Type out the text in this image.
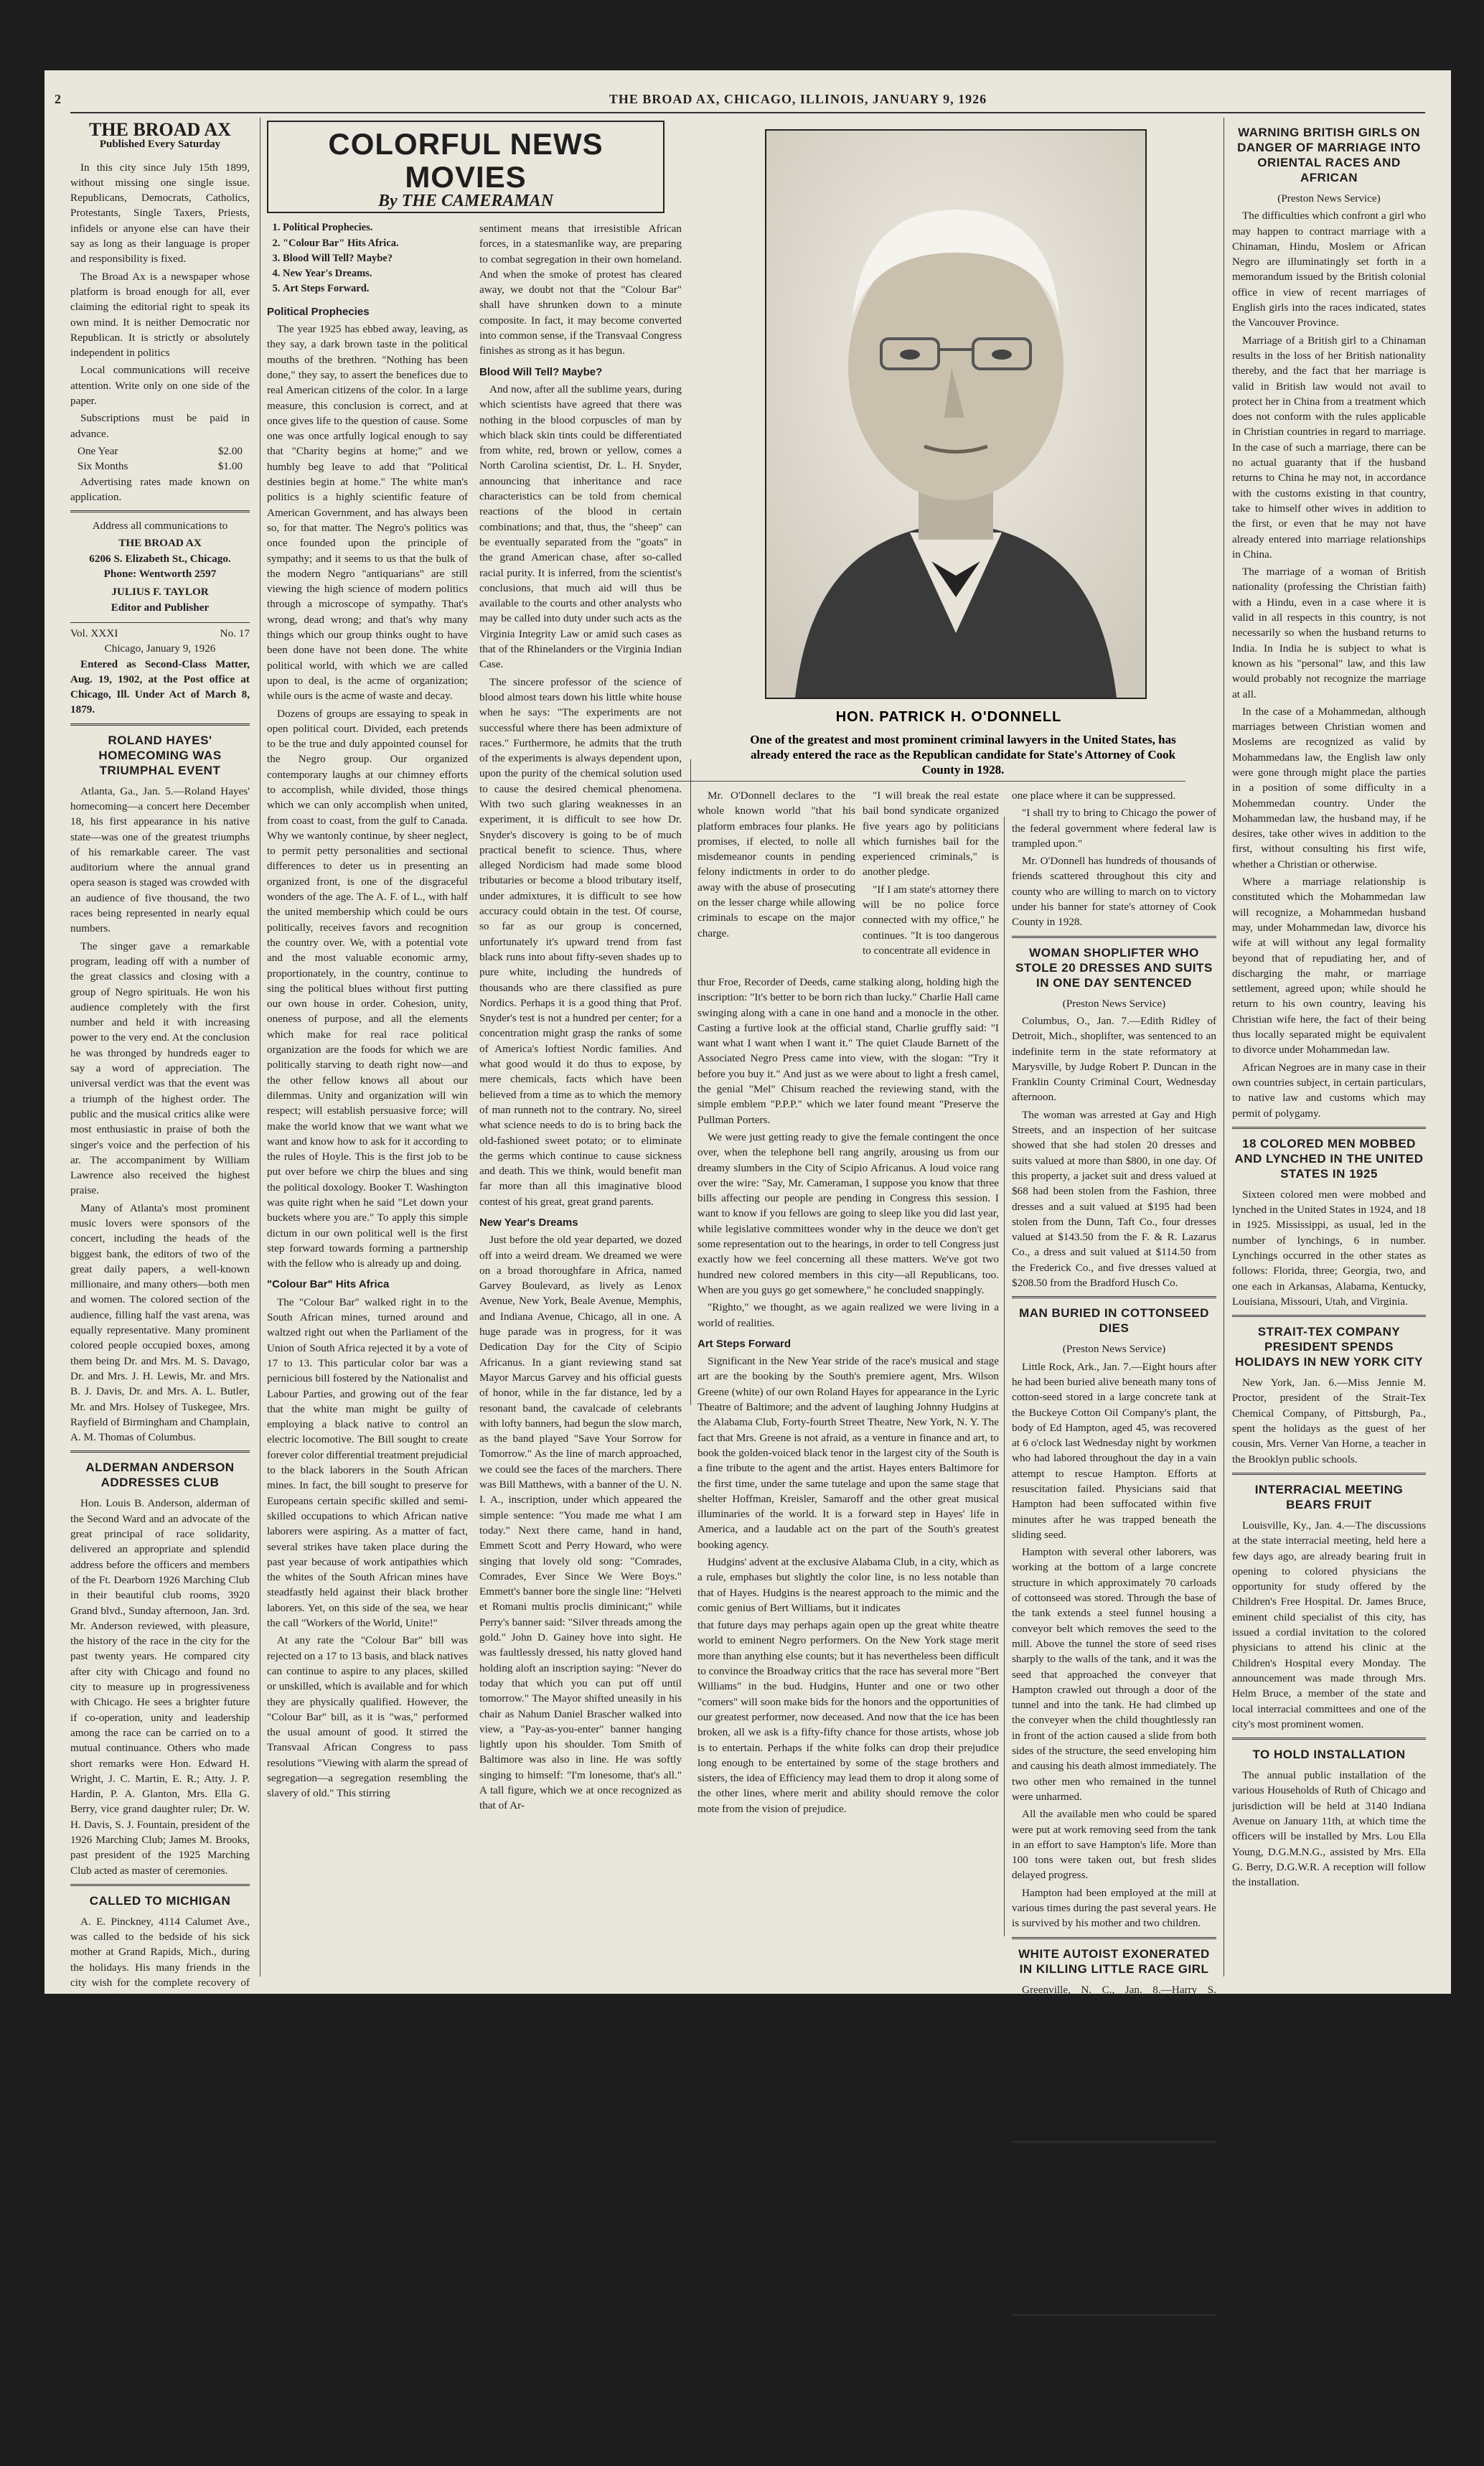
2	THE BROAD AX, CHICAGO, ILLINOIS, JANUARY 9, 1926
THE BROAD AX
Published Every Saturday

In this city since July 15th 1899, without missing one single issue. Republicans, Democrats, Catholics, Protestants, Single Taxers, Priests, infidels or anyone else can have their say as long as their language is proper and responsibility is fixed.

The Broad Ax is a newspaper whose platform is broad enough for all, ever claiming the editorial right to speak its own mind. It is neither Democratic nor Republican. It is strictly or absolutely independent in politics

Local communications will receive attention. Write only on one side of the paper.

Subscriptions must be paid in advance.

One Year	$2.00
Six Months	$1.00

Advertising rates made known on application.

Address all communications to

THE BROAD AX
6206 S. Elizabeth St., Chicago.
Phone: Wentworth 2597
JULIUS F. TAYLOR
Editor and Publisher
Vol. XXXI	No. 17
Chicago, January 9, 1926

Entered as Second-Class Matter, Aug. 19, 1902, at the Post office at Chicago, Ill. Under Act of March 8, 1879.

ROLAND HAYES' HOMECOMING WAS TRIUMPHAL EVENT

Atlanta, Ga., Jan. 5.—Roland Hayes' homecoming—a concert here December 18, his first appearance in his native state—was one of the greatest triumphs of his remarkable career. The vast auditorium where the annual grand opera season is staged was crowded with an audience of five thousand, the two races being represented in nearly equal numbers.

The singer gave a remarkable program, leading off with a number of the great classics and closing with a group of Negro spirituals. He won his audience completely with the first number and held it with increasing power to the very end. At the conclusion he was thronged by hundreds eager to say a word of appreciation. The universal verdict was that the event was a triumph of the highest order. The public and the musical critics alike were most enthusiastic in praise of both the singer's voice and the perfection of his ar. The accompaniment by William Lawrence also received the highest praise.

Many of Atlanta's most prominent music lovers were sponsors of the concert, including the heads of the biggest bank, the editors of two of the great daily papers, a well-known millionaire, and many others—both men and women. The colored section of the audience, filling half the vast arena, was equally representative. Many prominent colored people occupied boxes, among them being Dr. and Mrs. M. S. Davago, Dr. and Mrs. J. H. Lewis, Mr. and Mrs. B. J. Davis, Dr. and Mrs. A. L. Butler, Mr. and Mrs. Holsey of Tuskegee, Mrs. Rayfield of Birmingham and Champlain, A. M. Thomas of Columbus.

ALDERMAN ANDERSON ADDRESSES CLUB

Hon. Louis B. Anderson, alderman of the Second Ward and an advocate of the great principal of race solidarity, delivered an appropriate and splendid address before the officers and members of the Ft. Dearborn 1926 Marching Club in their beautiful club rooms, 3920 Grand blvd., Sunday afternoon, Jan. 3rd. Mr. Anderson reviewed, with pleasure, the history of the race in the city for the past twenty years. He compared city after city with Chicago and found no city to measure up in progressiveness with Chicago. He sees a brighter future if co-operation, unity and leadership among the race can be carried on to a mutual continuance. Others who made short remarks were Hon. Edward H. Wright, J. C. Martin, E. R.; Atty. J. P. Hardin, P. A. Glanton, Mrs. Ella G. Berry, vice grand daughter ruler; Dr. W. H. Davis, S. J. Fountain, president of the 1926 Marching Club; James M. Brooks, past president of the 1925 Marching Club acted as master of ceremonies.

CALLED TO MICHIGAN

A. E. Pinckney, 4114 Calumet Ave., was called to the bedside of his sick mother at Grand Rapids, Mich., during the holidays. His many friends in the city wish for the complete recovery of Mr. Pinckney's mother.

COLORFUL NEWS MOVIES
By THE CAMERAMAN
1. Political Prophecies.
2. "Colour Bar" Hits Africa.
3. Blood Will Tell? Maybe?
4. New Year's Dreams.
5. Art Steps Forward.
Political Prophecies

The year 1925 has ebbed away, leaving, as they say, a dark brown taste in the political mouths of the brethren. "Nothing has been done," they say, to assert the benefices due to real American citizens of the color. In a large measure, this conclusion is correct, and at once gives life to the question of cause. Some one was once artfully logical enough to say that "Charity begins at home;" and we humbly beg leave to add that "Political destinies begin at home." The white man's politics is a highly scientific feature of American Government, and has always been so, for that matter. The Negro's politics was once founded upon the principle of sympathy; and it seems to us that the bulk of the modern Negro "antiquarians" are still viewing the high science of modern politics through a microscope of sympathy. That's wrong, dead wrong; and that's why many things which our group thinks ought to have been done have not been done. The white political world, with which we are called upon to deal, is the acme of organization; while ours is the acme of waste and decay.

Dozens of groups are essaying to speak in open political court. Divided, each pretends to be the true and duly appointed counsel for the Negro group. Our organized contemporary laughs at our chimney efforts to accomplish, while divided, those things which we can only accomplish when united, from coast to coast, from the gulf to Canada. Why we wantonly continue, by sheer neglect, to permit petty personalities and sectional differences to deter us in presenting an organized front, is one of the disgraceful wonders of the age. The A. F. of L., with half the united membership which could be ours politically, receives favors and recognition the country over. We, with a potential vote and the most valuable economic army, proportionately, in the country, continue to sing the political blues without first putting our own house in order. Cohesion, unity, oneness of purpose, and all the elements which make for real race political organization are the foods for which we are politically starving to death right now—and the other fellow knows all about our dilemmas. Unity and organization will win respect; will establish persuasive force; will make the world know that we want what we want and know how to ask for it according to the rules of Hoyle. This is the first job to be put over before we chirp the blues and sing the political doxology. Booker T. Washington was quite right when he said "Let down your buckets where you are." To apply this simple dictum in our own political well is the first step forward towards forming a partnership with the fellow who is already up and doing.

"Colour Bar" Hits Africa

The "Colour Bar" walked right in to the South African mines, turned around and waltzed right out when the Parliament of the Union of South Africa rejected it by a vote of 17 to 13. This particular color bar was a pernicious bill fostered by the Nationalist and Labour Parties, and growing out of the fear that the white man might be guilty of employing a black native to control an electric locomotive. The Bill sought to create forever color differential treatment prejudicial to the black laborers in the South African mines. In fact, the bill sought to preserve for Europeans certain specific skilled and semi-skilled occupations to which African native laborers were aspiring. As a matter of fact, several strikes have taken place during the past year because of work antipathies which the whites of the South African mines have steadfastly held against their black brother laborers. Yet, on this side of the sea, we hear the call "Workers of the World, Unite!"

At any rate the "Colour Bar" bill was rejected on a 17 to 13 basis, and black natives can continue to aspire to any places, skilled or unskilled, which is available and for which they are physically qualified. However, the "Colour Bar" bill, as it is "was," performed the usual amount of good. It stirred the Transvaal African Congress to pass resolutions "Viewing with alarm the spread of segregation—a segregation resembling the slavery of old." This stirring

sentiment means that irresistible African forces, in a statesmanlike way, are preparing to combat segregation in their own homeland. And when the smoke of protest has cleared away, we doubt not that the "Colour Bar" shall have shrunken down to a minute composite. In fact, it may become converted into common sense, if the Transvaal Congress finishes as strong as it has begun.

Blood Will Tell? Maybe?

And now, after all the sublime years, during which scientists have agreed that there was nothing in the blood corpuscles of man by which black skin tints could be differentiated from white, red, brown or yellow, comes a North Carolina scientist, Dr. L. H. Snyder, announcing that inheritance and race characteristics can be told from chemical reactions of the blood in certain combinations; and that, thus, the "sheep" can be eventually separated from the "goats" in the grand American chase, after so-called racial purity. It is inferred, from the scientist's conclusions, that much aid will thus be available to the courts and other analysts who may be called into duty under such acts as the Virginia Integrity Law or amid such cases as that of the Rhinelanders or the Virginia Indian Case.

The sincere professor of the science of blood almost tears down his little white house when he says: "The experiments are not successful where there has been admixture of races." Furthermore, he admits that the truth of the experiments is always dependent upon, upon the purity of the chemical solution used to cause the desired chemical phenomena. With two such glaring weaknesses in an experiment, it is difficult to see how Dr. Snyder's discovery is going to be of much practical benefit to science. Thus, where alleged Nordicism had made some blood tributaries or become a blood tributary itself, under admixtures, it is difficult to see how accuracy could obtain in the test. Of course, so far as our group is concerned, unfortunately it's upward trend from fast black runs into about fifty-seven shades up to pure white, including the hundreds of thousands who are there classified as pure Nordics. Perhaps it is a good thing that Prof. Snyder's test is not a hundred per center; for a concentration might grasp the ranks of some of America's loftiest Nordic families. And what good would it do thus to expose, by mere chemicals, facts which have been believed from a time as to which the memory of man runneth not to the contrary. No, sireel what science needs to do is to bring back the old-fashioned sweet potato; or to eliminate the germs which continue to cause sickness and death. This we think, would benefit man far more than all this imaginative blood contest of his great, great grand parents.

New Year's Dreams

Just before the old year departed, we dozed off into a weird dream. We dreamed we were on a broad thoroughfare in Africa, named Garvey Boulevard, as lively as Lenox Avenue, New York, Beale Avenue, Memphis, and Indiana Avenue, Chicago, all in one. A huge parade was in progress, for it was Dedication Day for the City of Scipio Africanus. In a giant reviewing stand sat Mayor Marcus Garvey and his official guests of honor, while in the far distance, led by a resonant band, the cavalcade of celebrants with lofty banners, had begun the slow march, as the band played "Save Your Sorrow for Tomorrow." As the line of march approached, we could see the faces of the marchers. There was Bill Matthews, with a banner of the U. N. I. A., inscription, under which appeared the simple sentence: "You made me what I am today." Next there came, hand in hand, Emmett Scott and Perry Howard, who were singing that lovely old song: "Comrades, Comrades, Ever Since We Were Boys." Emmett's banner bore the single line: "Helveti et Romani multis proclis diminicant;" while Perry's banner said: "Silver threads among the gold." John D. Gainey hove into sight. He was faultlessly dressed, his natty gloved hand holding aloft an inscription saying: "Never do today that which you can put off until tomorrow." The Mayor shifted uneasily in his chair as Nahum Daniel Brascher walked into view, a "Pay-as-you-enter" banner hanging lightly upon his shoulder. Tom Smith of Baltimore was also in line. He was softly singing to himself: "I'm lonesome, that's all." A tall figure, which we at once recognized as that of Ar-

HON. PATRICK H. O'DONNELL
One of the greatest and most prominent criminal lawyers in the United States, has already entered the race as the Republican candidate for State's Attorney of Cook County in 1928.

Mr. O'Donnell declares to the whole known world "that his platform embraces four planks. He promises, if elected, to nolle all misdemeanor counts in pending felony indictments in order to do away with the abuse of prosecuting on the lesser charge while allowing criminals to escape on the major charge.

"I will break the real estate bail bond syndicate organized five years ago by politicians which furnishes bail for the experienced criminals," is another pledge.

"If I am state's attorney there will be no police force connected with my office," he continues. "It is too dangerous to concentrate all evidence in

thur Froe, Recorder of Deeds, came stalking along, holding high the inscription: "It's better to be born rich than lucky." Charlie Hall came swinging along with a cane in one hand and a monocle in the other. Casting a furtive look at the official stand, Charlie gruffly said: "I want what I want when I want it." The quiet Claude Barnett of the Associated Negro Press came into view, with the slogan: "Try it before you buy it." And just as we were about to light a fresh camel, the genial "Mel" Chisum reached the reviewing stand, with the simple emblem "P.P.P." which we later found meant "Preserve the Pullman Porters.

We were just getting ready to give the female contingent the once over, when the telephone bell rang angrily, arousing us from our dreamy slumbers in the City of Scipio Africanus. A loud voice rang over the wire: "Say, Mr. Cameraman, I suppose you know that three bills affecting our people are pending in Congress this session. I want to know if you fellows are going to sleep like you did last year, while legislative committees wonder why in the deuce we don't get some representation out to the hearings, in order to tell Congress just exactly how we feel concerning all these matters. We've got two hundred new colored members in this city—all Republicans, too. When are you guys go get somewhere," he concluded snappingly.

"Righto," we thought, as we again realized we were living in a world of realities.

Art Steps Forward

Significant in the New Year stride of the race's musical and stage art are the booking by the South's premiere agent, Mrs. Wilson Greene (white) of our own Roland Hayes for appearance in the Lyric Theatre of Baltimore; and the advent of laughing Johnny Hudgins at the Alabama Club, Forty-fourth Street Theatre, New York, N. Y. The fact that Mrs. Greene is not afraid, as a venture in finance and art, to book the golden-voiced black tenor in the largest city of the South is a fine tribute to the agent and the artist. Hayes enters Baltimore for the first time, under the same tutelage and upon the same stage that shelter Hoffman, Kreisler, Samaroff and the other great musical illuminaries of the world. It is a forward step in Hayes' life in America, and a laudable act on the part of the South's greatest booking agency.

Hudgins' advent at the exclusive Alabama Club, in a city, which as a rule, emphases but slightly the color line, is no less notable than that of Hayes. Hudgins is the nearest approach to the mimic and the comic genius of Bert Williams, but it indicates

that future days may perhaps again open up the great white theatre world to eminent Negro performers. On the New York stage merit more than anything else counts; but it has nevertheless been difficult to convince the Broadway critics that the race has several more "Bert Williams" in the bud. Hudgins, Hunter and one or two other "comers" will soon make bids for the honors and the opportunities of our greatest performer, now deceased. And now that the ice has been broken, all we ask is a fifty-fifty chance for those artists, whose job is to entertain. Perhaps if the white folks can drop their prejudice long enough to be entertained by some of the stage brothers and sisters, the idea of Efficiency may lead them to drop it along some of the other lines, where merit and ability should remove the color mote from the vision of prejudice.

one place where it can be suppressed.

"I shall try to bring to Chicago the power of the federal government where federal law is trampled upon."

Mr. O'Donnell has hundreds of thousands of friends scattered throughout this city and county who are willing to march on to victory under his banner for state's attorney of Cook County in 1928.

WOMAN SHOPLIFTER WHO STOLE 20 DRESSES AND SUITS IN ONE DAY SENTENCED

(Preston News Service)

Columbus, O., Jan. 7.—Edith Ridley of Detroit, Mich., shoplifter, was sentenced to an indefinite term in the state reformatory at Marysville, by Judge Robert P. Duncan in the Franklin County Criminal Court, Wednesday afternoon.

The woman was arrested at Gay and High Streets, and an inspection of her suitcase showed that she had stolen 20 dresses and suits valued at more than $800, in one day. Of this property, a jacket suit and dress valued at $68 had been stolen from the Fashion, three dresses and a suit valued at $195 had been stolen from the Dunn, Taft Co., four dresses valued at $143.50 from the F. & R. Lazarus Co., a dress and suit valued at $114.50 from the Frederick Co., and five dresses valued at $208.50 from the Bradford Husch Co.

MAN BURIED IN COTTONSEED DIES

(Preston News Service)

Little Rock, Ark., Jan. 7.—Eight hours after he had been buried alive beneath many tons of cotton-seed stored in a large concrete tank at the Buckeye Cotton Oil Company's plant, the body of Ed Hampton, aged 45, was recovered at 6 o'clock last Wednesday night by workmen who had labored throughout the day in a vain attempt to rescue Hampton. Efforts at resuscitation failed. Physicians said that Hampton had been suffocated within five minutes after he was trapped beneath the sliding seed.

Hampton with several other laborers, was working at the bottom of a large concrete structure in which approximately 70 carloads of cottonseed was stored. Through the base of the tank extends a steel funnel housing a conveyor belt which removes the seed to the mill. Above the tunnel the store of seed rises sharply to the walls of the tank, and it was the seed that approached the conveyer that Hampton crawled out through a door of the tunnel and into the tank. He had climbed up the conveyer when the child thoughtlessly ran in front of the action caused a slide from both sides of the structure, the seed enveloping him and causing his death almost immediately. The two other men who remained in the tunnel were unharmed.

All the available men who could be spared were put at work removing seed from the tank in an effort to save Hampton's life. More than 100 tons were taken out, but fresh slides delayed progress.

Hampton had been employed at the mill at various times during the past several years. He is survived by his mother and two children.

WHITE AUTOIST EXONERATED IN KILLING LITTLE RACE GIRL

Greenville, N. C., Jan. 8.—Harry S. Wingate, a young wealthy white man, confessed Friday to the killing of little Fannie Mae Hicks, aged four, near Grimesland, and has been exonerated of all blame. It is said that the child thoughtlessly ran in front of his automobile which was traveling at a high rate of speed on the highway. The coroner's jury returned a verdict of accidental death, purely unavoidable.

HON. F. Q. MORTON DELIVERS EMANCIPATION ADDRESS

Pittsburgh, Pa., Jan. 7.—Hon. Ferdinand Q. Morton, of New York City, was the principal speaker at the Emancipation Celebration held in Rodman Street Baptist Church here Friday night. More than 3,000 persons attended the meeting and heard Mr. Morton deliver a ringing appeal for racial co-operation and political solidarity.

EXPERT STATISTICIAN VISITS BROTHER IN PITTSBURGH

Pittsburgh, Pa., Jan. 8.—Hon. Charles E. Hall, expert statistician for the U. S. Bureau of Census on matters pertaining to the Negro in the United States, spent Christmas here as the guest of his brother, Abram T. Hall, a clerk in the office of the Treasurer of the City of Pittsburgh.

WARNING BRITISH GIRLS ON DANGER OF MARRIAGE INTO ORIENTAL RACES AND AFRICAN

(Preston News Service)

The difficulties which confront a girl who may happen to contract marriage with a Chinaman, Hindu, Moslem or African Negro are illuminatingly set forth in a memorandum issued by the British colonial office in view of recent marriages of English girls into the races indicated, states the Vancouver Province.

Marriage of a British girl to a Chinaman results in the loss of her British nationality thereby, and the fact that her marriage is valid in British law would not avail to protect her in China from a treatment which does not conform with the rules applicable in Christian countries in regard to marriage. In the case of such a marriage, there can be no actual guaranty that if the husband returns to China he may not, in accordance with the customs existing in that country, take to himself other wives in addition to the first, or even that he may not have already entered into marriage relationships in China.

The marriage of a woman of British nationality (professing the Christian faith) with a Hindu, even in a case where it is valid in all respects in this country, is not necessarily so when the husband returns to India. In India he is subject to what is known as his "personal" law, and this law would probably not recognize the marriage at all.

In the case of a Mohammedan, although marriages between Christian women and Moslems are recognized as valid by Mohammedans law, the English law only were gone through might place the parties in a position of some difficulty in a Mohemmedan country. Under the Mohammedan law, the husband may, if he desires, take other wives in addition to the first, without consulting his first wife, whether a Christian or otherwise.

Where a marriage relationship is constituted which the Mohammedan law will recognize, a Mohammedan husband may, under Mohammedan law, divorce his wife at will without any legal formality beyond that of repudiating her, and of discharging the mahr, or marriage settlement, agreed upon; while should he return to his own country, leaving his Christian wife here, the fact of their being thus locally separated might be equivalent to divorce under Mohammedan law.

African Negroes are in many case in their own countries subject, in certain particulars, to native law and customs which may permit of polygamy.

18 COLORED MEN MOBBED AND LYNCHED IN THE UNITED STATES IN 1925

Sixteen colored men were mobbed and lynched in the United States in 1924, and 18 in 1925. Mississippi, as usual, led in the number of lynchings, 6 in number. Lynchings occurred in the other states as follows: Florida, three; Georgia, two, and one each in Arkansas, Alabama, Kentucky, Louisiana, Missouri, Utah, and Virginia.

STRAIT-TEX COMPANY PRESIDENT SPENDS HOLIDAYS IN NEW YORK CITY

New York, Jan. 6.—Miss Jennie M. Proctor, president of the Strait-Tex Chemical Company, of Pittsburgh, Pa., spent the holidays as the guest of her cousin, Mrs. Verner Van Horne, a teacher in the Brooklyn public schools.

INTERRACIAL MEETING BEARS FRUIT

Louisville, Ky., Jan. 4.—The discussions at the state interracial meeting, held here a few days ago, are already bearing fruit in opening to colored physicians the opportunity for study offered by the Children's Free Hospital. Dr. James Bruce, eminent child specialist of this city, has issued a cordial invitation to the colored physicians to attend his clinic at the Children's Hospital every Monday. The announcement was made through Mrs. Helm Bruce, a member of the state and local interracial committees and one of the city's most prominent women.

TO HOLD INSTALLATION

The annual public installation of the various Households of Ruth of Chicago and jurisdiction will be held at 3140 Indiana Avenue on January 11th, at which time the officers will be installed by Mrs. Lou Ella Young, D.G.M.N.G., assisted by Mrs. Ella G. Berry, D.G.W.R. A reception will follow the installation.
